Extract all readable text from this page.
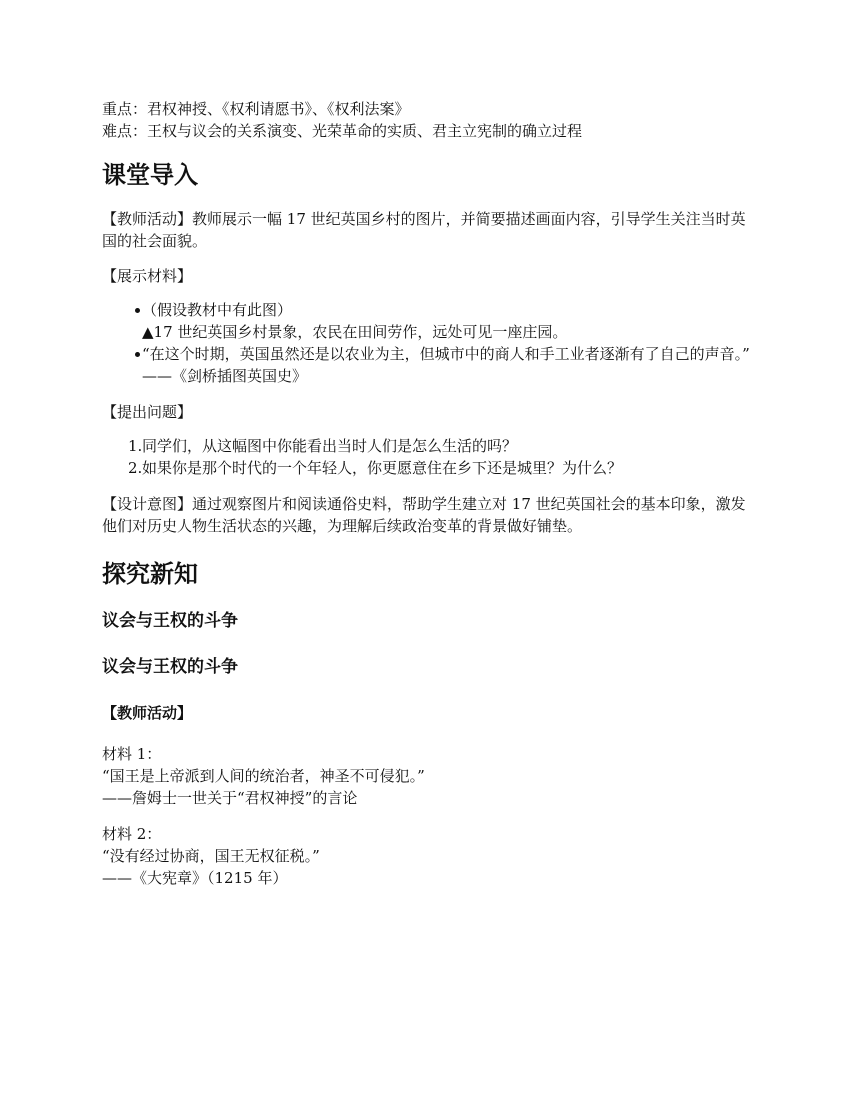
重点：君权神授、《权利请愿书》、《权利法案》

难点：王权与议会的关系演变、光荣革命的实质、君主立宪制的确立过程

课堂导入

【教师活动】教师展示一幅 17 世纪英国乡村的图片，并简要描述画面内容，引导学生关注当时英国的社会面貌。

【展示材料】

（假设教材中有此图）
▲17 世纪英国乡村景象，农民在田间劳作，远处可见一座庄园。
“在这个时期，英国虽然还是以农业为主，但城市中的商人和手工业者逐渐有了自己的声音。” ——《剑桥插图英国史》

【提出问题】

1. 同学们，从这幅图中你能看出当时人们是怎么生活的吗？
2. 如果你是那个时代的一个年轻人，你更愿意住在乡下还是城里？为什么？

【设计意图】通过观察图片和阅读通俗史料，帮助学生建立对 17 世纪英国社会的基本印象，激发他们对历史人物生活状态的兴趣，为理解后续政治变革的背景做好铺垫。

探究新知
议会与王权的斗争
议会与王权的斗争
【教师活动】

材料 1：

“国王是上帝派到人间的统治者，神圣不可侵犯。”

——詹姆士一世关于“君权神授”的言论

材料 2：

“没有经过协商，国王无权征税。”

——《大宪章》（1215 年）
